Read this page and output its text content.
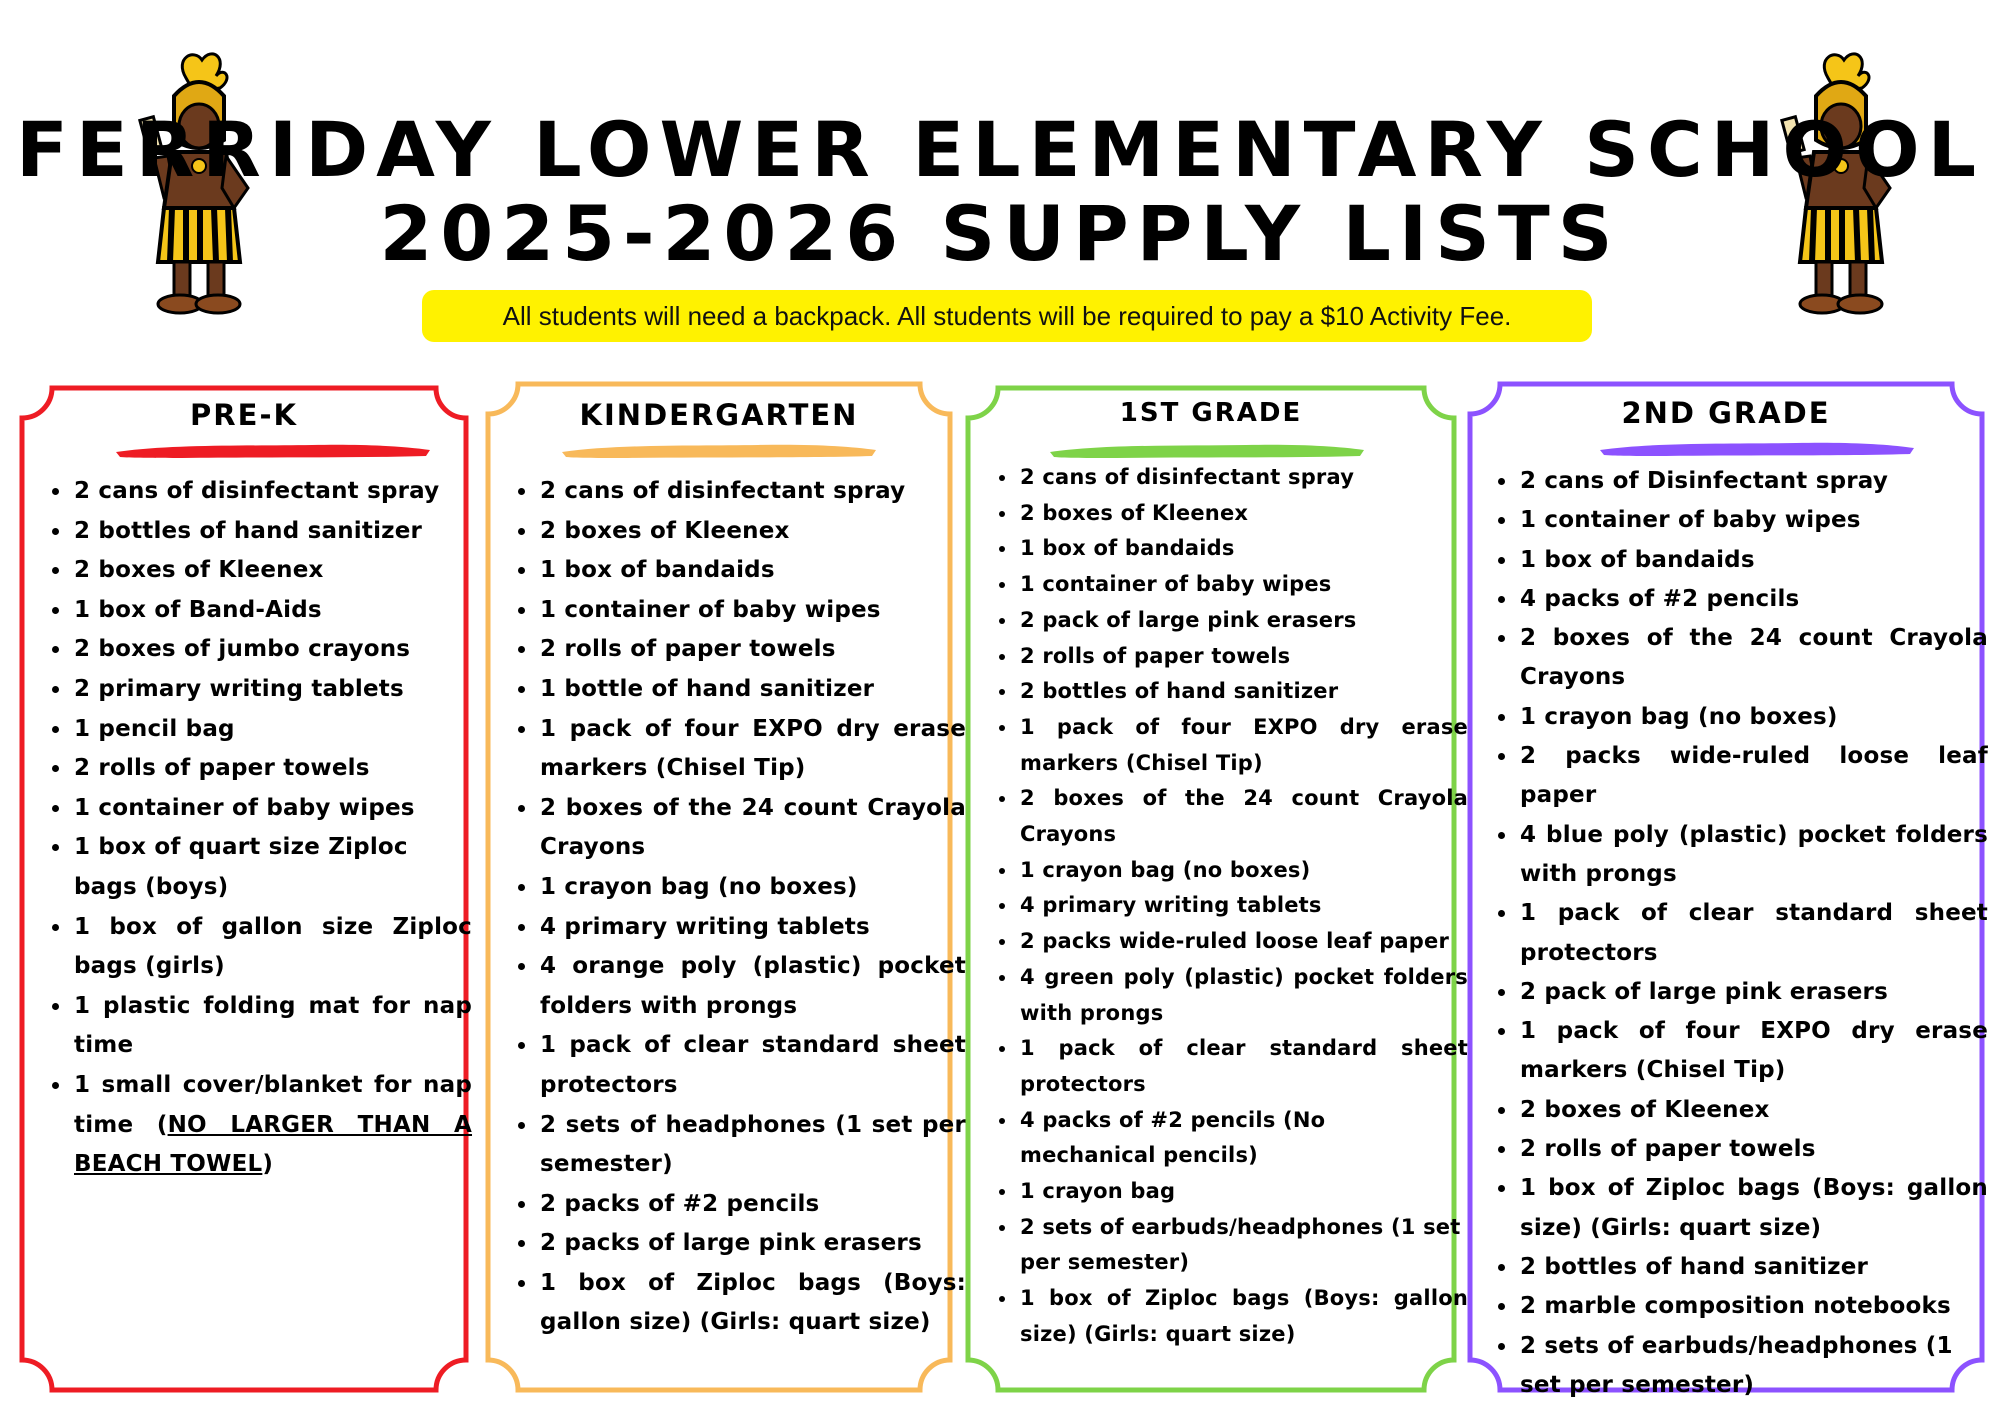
FERRIDAY LOWER ELEMENTARY SCHOOL
2025-2026 SUPPLY LISTS
All students will need a backpack. All students will be required to pay a $10 Activity Fee.
PRE-K
• 2 cans of disinfectant spray
• 2 bottles of hand sanitizer
• 2 boxes of Kleenex
• 1 box of Band-Aids
• 2 boxes of jumbo crayons
• 2 primary writing tablets
• 1 pencil bag
• 2 rolls of paper towels
• 1 container of baby wipes
• 1 box of quart size Ziploc bags (boys)
• 1 box of gallon size Ziploc bags (girls)
• 1 plastic folding mat for nap time
• 1 small cover/blanket for nap time (NO LARGER THAN A BEACH TOWEL)
KINDERGARTEN
• 2 cans of disinfectant spray
• 2 boxes of Kleenex
• 1 box of bandaids
• 1 container of baby wipes
• 2 rolls of paper towels
• 1 bottle of hand sanitizer
• 1 pack of four EXPO dry erase markers (Chisel Tip)
• 2 boxes of the 24 count Crayola Crayons
• 1 crayon bag (no boxes)
• 4 primary writing tablets
• 4 orange poly (plastic) pocket folders with prongs
• 1 pack of clear standard sheet protectors
• 2 sets of headphones (1 set per semester)
• 2 packs of #2 pencils
• 2 packs of large pink erasers
• 1 box of Ziploc bags (Boys: gallon size) (Girls: quart size)
1ST GRADE
• 2 cans of disinfectant spray
• 2 boxes of Kleenex
• 1 box of bandaids
• 1 container of baby wipes
• 2 pack of large pink erasers
• 2 rolls of paper towels
• 2 bottles of hand sanitizer
• 1 pack of four EXPO dry erase markers (Chisel Tip)
• 2 boxes of the 24 count Crayola Crayons
• 1 crayon bag (no boxes)
• 4 primary writing tablets
• 2 packs wide-ruled loose leaf paper
• 4 green poly (plastic) pocket folders with prongs
• 1 pack of clear standard sheet protectors
• 4 packs of #2 pencils (No mechanical pencils)
• 1 crayon bag
• 2 sets of earbuds/headphones (1 set per semester)
• 1 box of Ziploc bags (Boys: gallon size) (Girls: quart size)
2ND GRADE
• 2 cans of Disinfectant spray
• 1 container of baby wipes
• 1 box of bandaids
• 4 packs of #2 pencils
• 2 boxes of the 24 count Crayola Crayons
• 1 crayon bag (no boxes)
• 2 packs wide-ruled loose leaf paper
• 4 blue poly (plastic) pocket folders with prongs
• 1 pack of clear standard sheet protectors
• 2 pack of large pink erasers
• 1 pack of four EXPO dry erase markers (Chisel Tip)
• 2 boxes of Kleenex
• 2 rolls of paper towels
• 1 box of Ziploc bags (Boys: gallon size) (Girls: quart size)
• 2 bottles of hand sanitizer
• 2 marble composition notebooks
• 2 sets of earbuds/headphones (1 set per semester)
